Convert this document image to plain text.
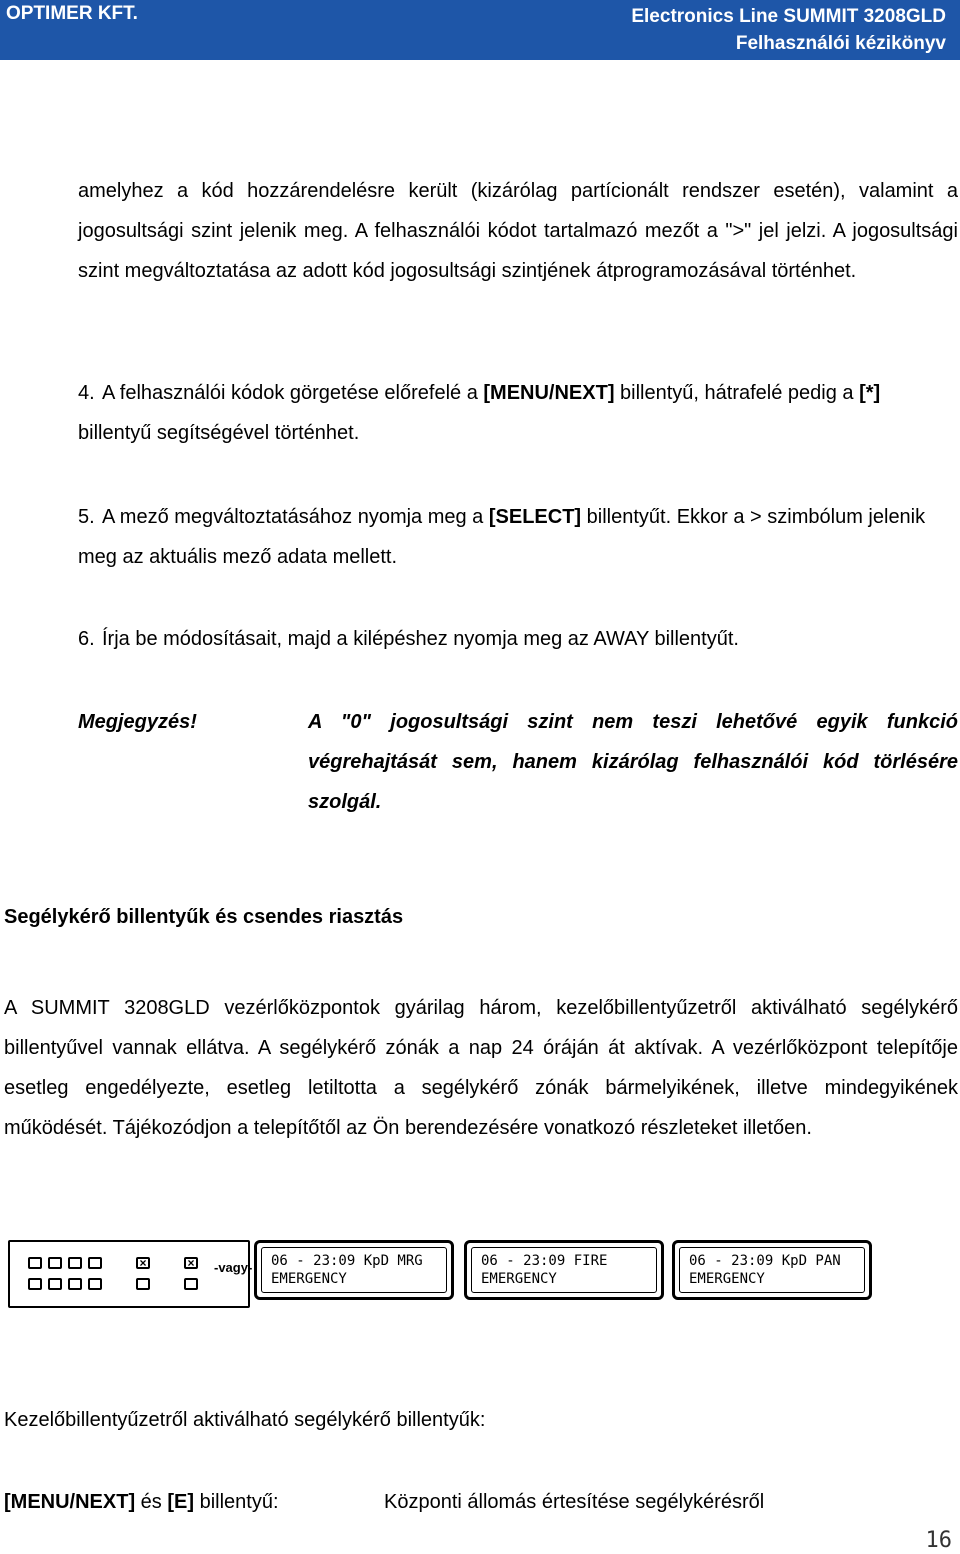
OPTIMER KFT.	Electronics Line SUMMIT 3208GLD
Felhasználói kézikönyv
amelyhez a kód hozzárendelésre került (kizárólag partícionált rendszer esetén), valamint a jogosultsági szint jelenik meg. A felhasználói kódot tartalmazó mezőt a ">" jel jelzi. A jogosultsági szint megváltoztatása az adott kód jogosultsági szintjének átprogramozásával történhet.
4. A felhasználói kódok görgetése előrefelé a [MENU/NEXT] billentyű, hátrafelé pedig a [*] billentyű segítségével történhet.
5. A mező megváltoztatásához nyomja meg a [SELECT] billentyűt. Ekkor a > szimbólum jelenik meg az aktuális mező adata mellett.
6. Írja be módosításait, majd a kilépéshez nyomja meg az AWAY billentyűt.
Megjegyzés!	A "0" jogosultsági szint nem teszi lehetővé egyik funkció végrehajtását sem, hanem kizárólag felhasználói kód törlésére szolgál.
Segélykérő billentyűk és csendes riasztás
A SUMMIT 3208GLD vezérlőközpontok gyárilag három, kezelőbillentyűzetről aktiválható segélykérő billentyűvel vannak ellátva. A segélykérő zónák a nap 24 óráján át aktívak. A vezérlőközpont telepítője esetleg engedélyezte, esetleg letiltotta a segélykérő zónák bármelyikének, illetve mindegyikének működését. Tájékozódjon a telepítőtől az Ön berendezésére vonatkozó részleteket illetően.
×
×
-vagy- 06 - 23:09 KpD MRG
EMERGENCY
06 - 23:09 FIRE
EMERGENCY
06 - 23:09 KpD PAN
EMERGENCY
Kezelőbillentyűzetről aktiválható segélykérő billentyűk:
[MENU/NEXT] és [E] billentyű:	Központi állomás értesítése segélykérésről
16
